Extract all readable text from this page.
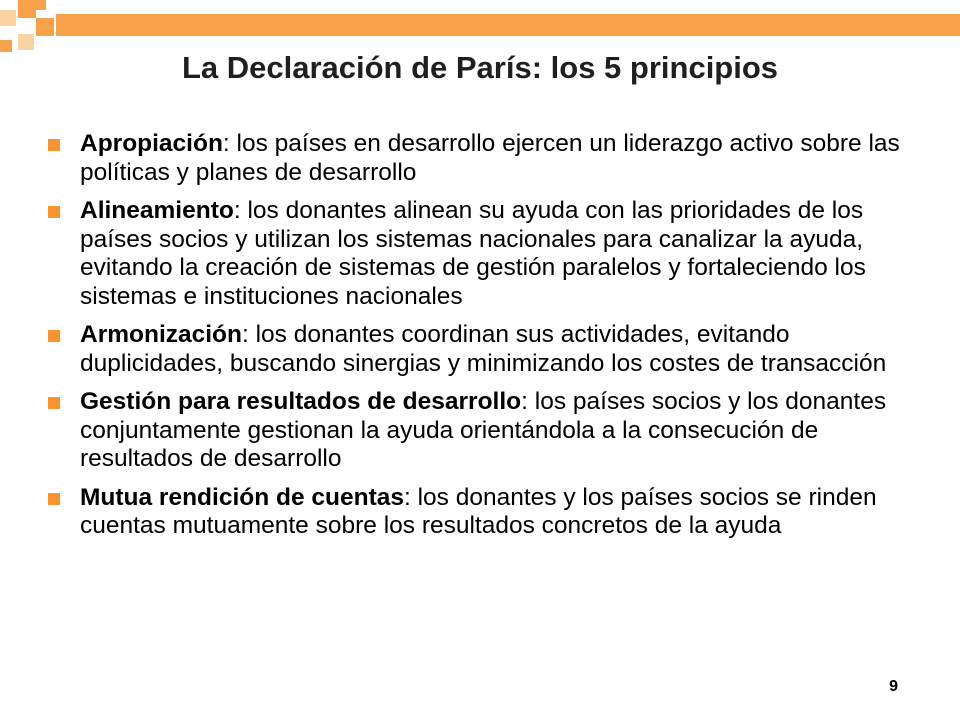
La Declaración de París: los 5 principios
Apropiación: los países en desarrollo ejercen un liderazgo activo sobre las políticas y planes de desarrollo
Alineamiento: los donantes alinean su ayuda con las prioridades de los países socios y utilizan los sistemas nacionales para canalizar la ayuda, evitando la creación de sistemas de gestión paralelos y fortaleciendo los sistemas e instituciones nacionales
Armonización: los donantes coordinan sus actividades, evitando duplicidades, buscando sinergias y minimizando los costes de transacción
Gestión para resultados de desarrollo: los países socios y los donantes conjuntamente gestionan la ayuda orientándola a la consecución de resultados de desarrollo
Mutua rendición de cuentas: los donantes y los países socios se rinden cuentas mutuamente sobre los resultados concretos de la ayuda
9
